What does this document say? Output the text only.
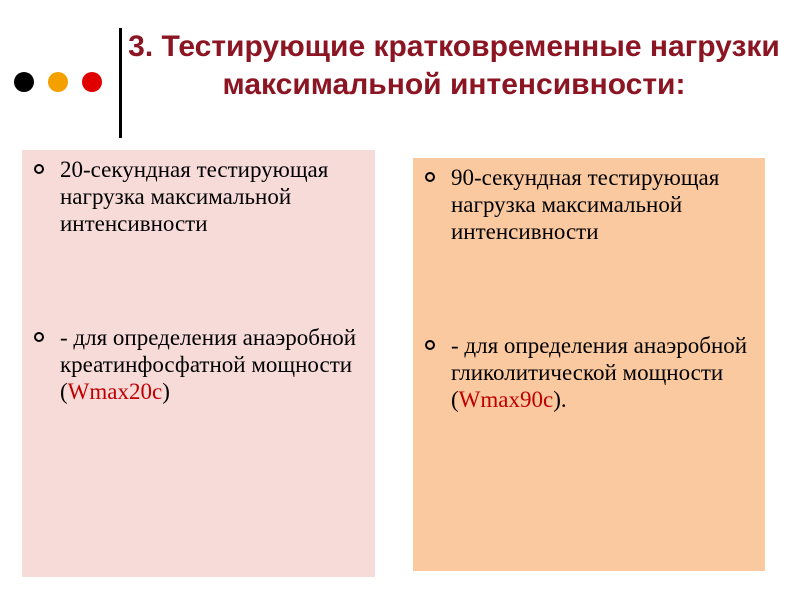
3. Тестирующие кратковременные нагрузки максимальной интенсивности:
20-секундная тестирующая нагрузка максимальной интенсивности
- для определения анаэробной креатинфосфатной мощности (Wmax20с)
90-секундная тестирующая нагрузка максимальной интенсивности
- для определения анаэробной гликолитической мощности (Wmax90с).
